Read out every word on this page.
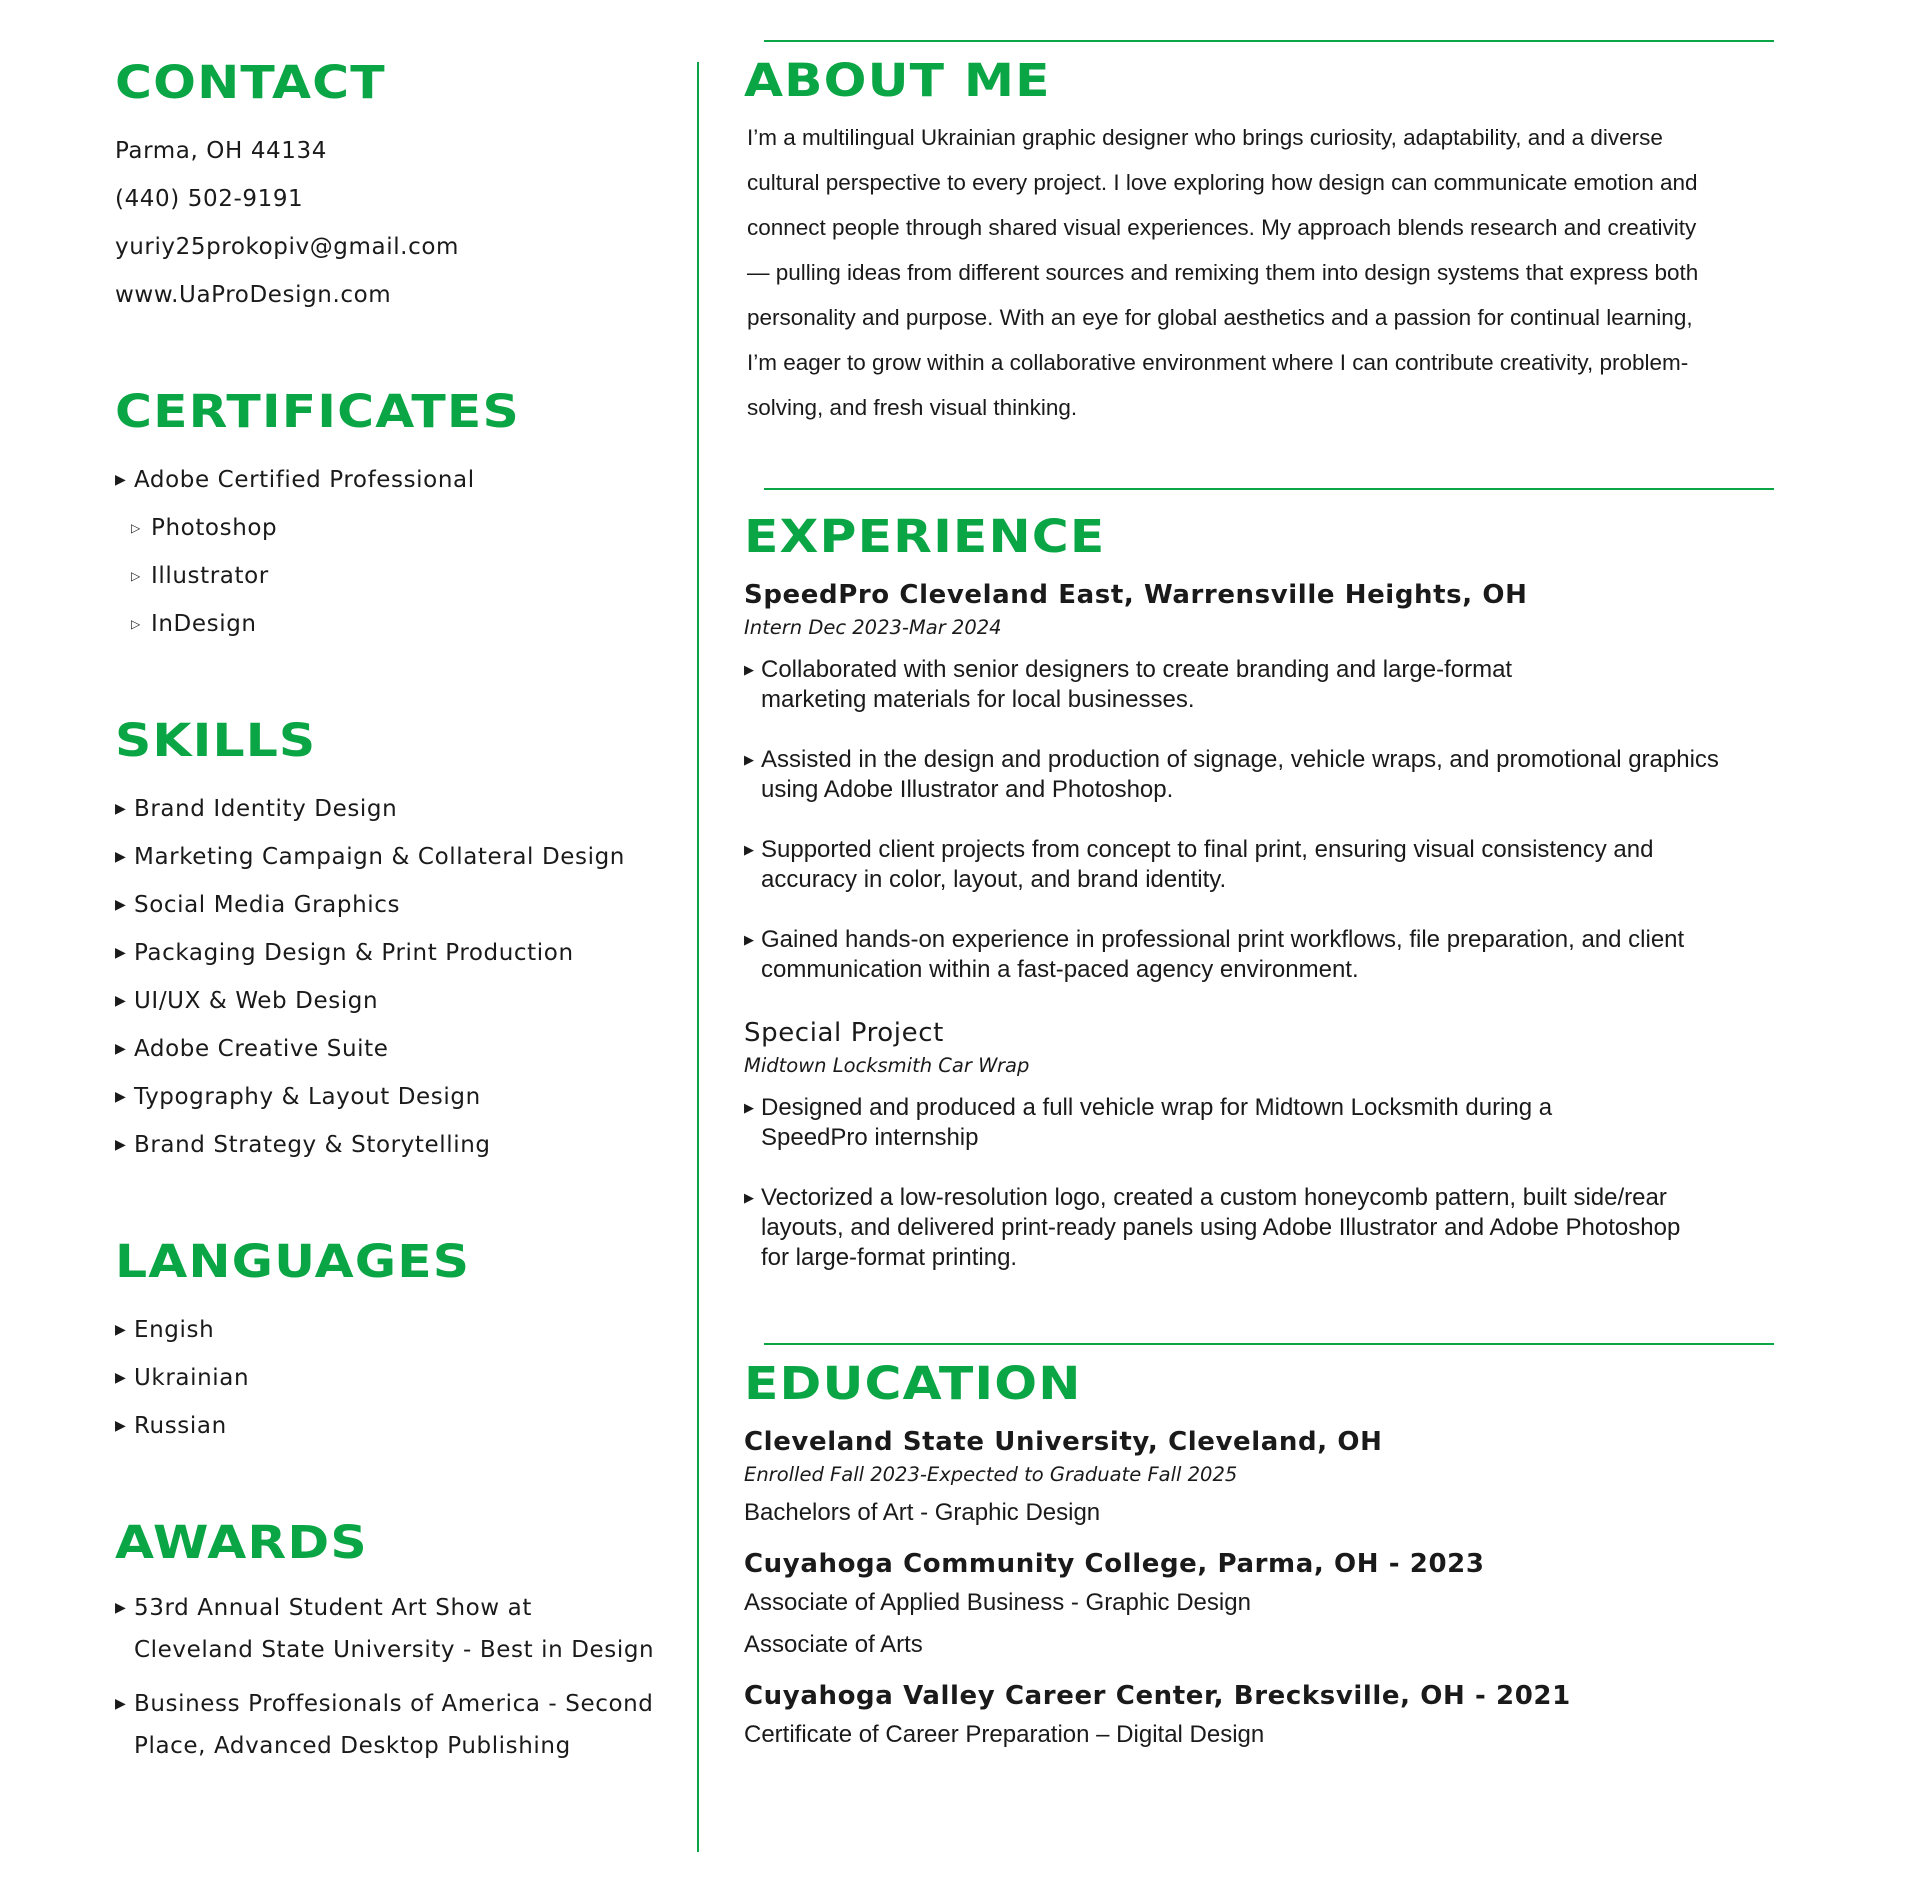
CONTACT
Parma, OH 44134
(440) 502-9191
yuriy25prokopiv@gmail.com
www.UaProDesign.com
CERTIFICATES
▶ Adobe Certified Professional
▷ Photoshop
▷ Illustrator
▷ InDesign
SKILLS
▶ Brand Identity Design
▶ Marketing Campaign & Collateral Design
▶ Social Media Graphics
▶ Packaging Design & Print Production
▶ UI/UX & Web Design
▶ Adobe Creative Suite
▶ Typography & Layout Design
▶ Brand Strategy & Storytelling
LANGUAGES
▶ Engish
▶ Ukrainian
▶ Russian
AWARDS
▶ 53rd Annual Student Art Show at
Cleveland State University - Best in Design
▶ Business Proffesionals of America - Second
Place, Advanced Desktop Publishing
ABOUT ME
I’m a multilingual Ukrainian graphic designer who brings curiosity, adaptability, and a diverse
cultural perspective to every project. I love exploring how design can communicate emotion and
connect people through shared visual experiences. My approach blends research and creativity
— pulling ideas from different sources and remixing them into design systems that express both
personality and purpose. With an eye for global aesthetics and a passion for continual learning,
I’m eager to grow within a collaborative environment where I can contribute creativity, problem-
solving, and fresh visual thinking.
EXPERIENCE
SpeedPro Cleveland East, Warrensville Heights, OH
Intern Dec 2023-Mar 2024
▶ Collaborated with senior designers to create branding and large-format
marketing materials for local businesses.
▶ Assisted in the design and production of signage, vehicle wraps, and promotional graphics
using Adobe Illustrator and Photoshop.
▶ Supported client projects from concept to final print, ensuring visual consistency and
accuracy in color, layout, and brand identity.
▶ Gained hands-on experience in professional print workflows, file preparation, and client
communication within a fast-paced agency environment.
Special Project
Midtown Locksmith Car Wrap
▶ Designed and produced a full vehicle wrap for Midtown Locksmith during a
SpeedPro internship
▶ Vectorized a low-resolution logo, created a custom honeycomb pattern, built side/rear
layouts, and delivered print-ready panels using Adobe Illustrator and Adobe Photoshop
for large-format printing.
EDUCATION
Cleveland State University, Cleveland, OH
Enrolled Fall 2023-Expected to Graduate Fall 2025
Bachelors of Art - Graphic Design
Cuyahoga Community College, Parma, OH - 2023
Associate of Applied Business - Graphic Design
Associate of Arts
Cuyahoga Valley Career Center, Brecksville, OH - 2021
Certificate of Career Preparation – Digital Design
